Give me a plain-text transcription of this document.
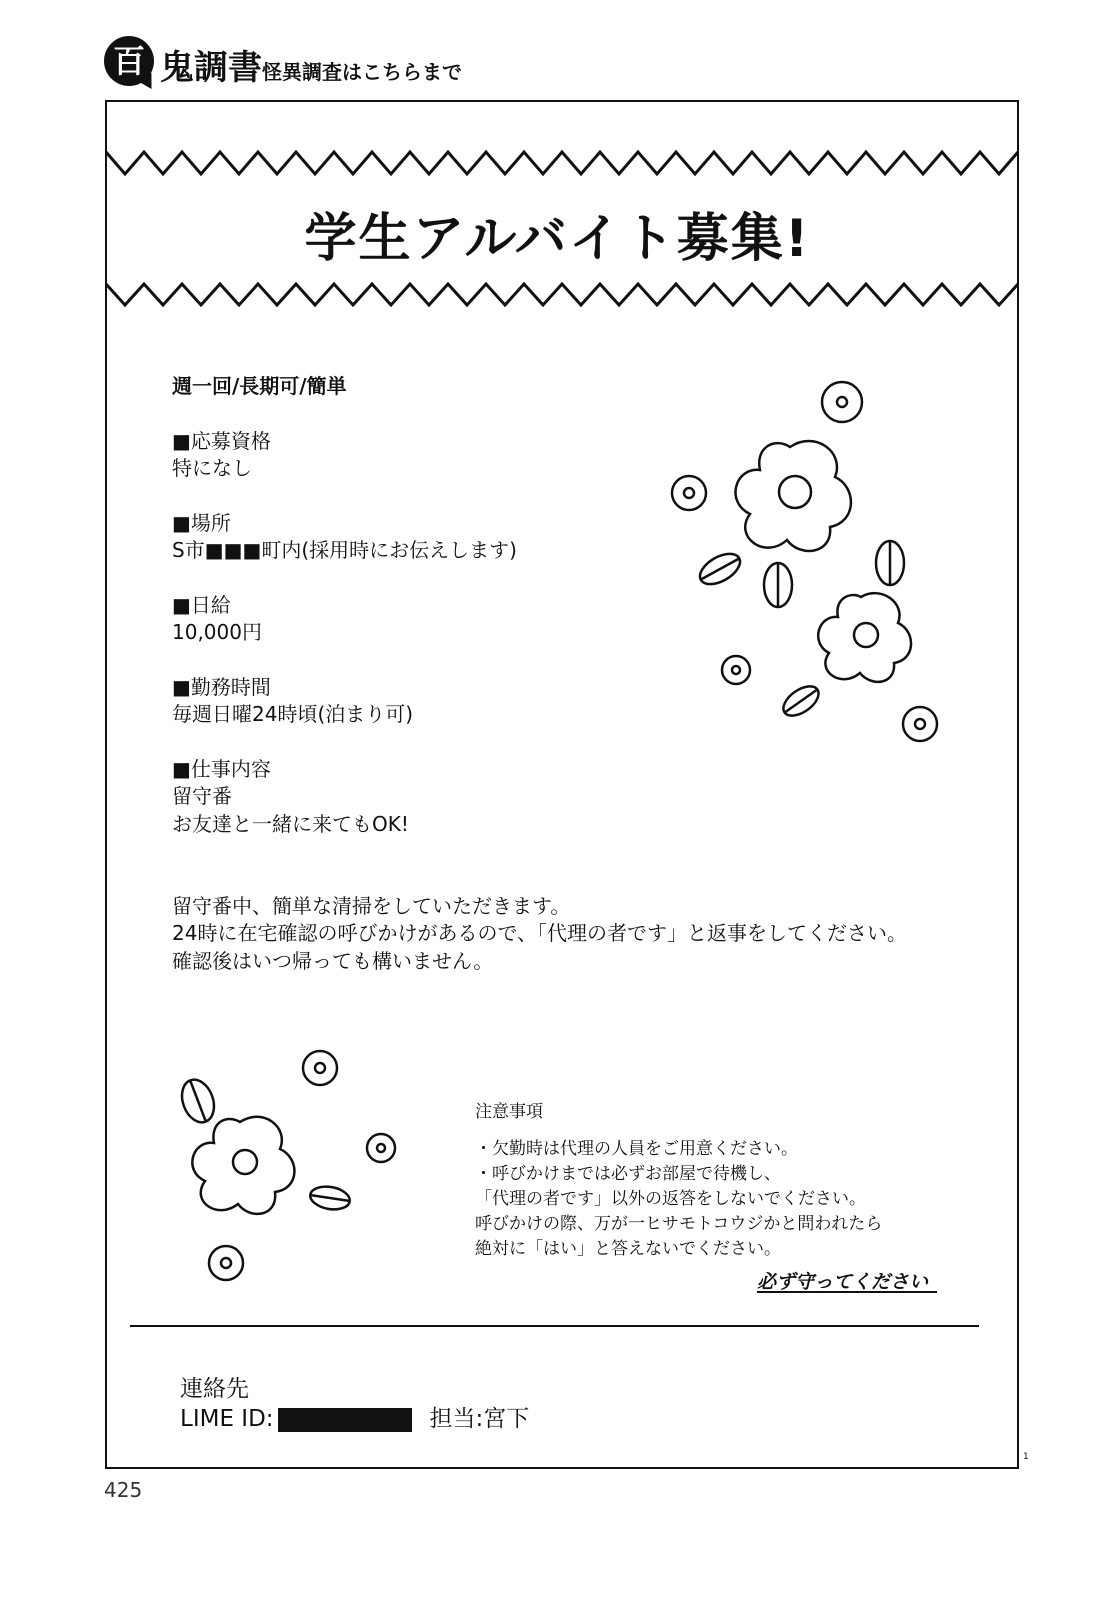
百 鬼調書 怪異調査はこちらまで
学生アルバイト募集!
週一回/長期可/簡単
■応募資格
特になし
■場所
S市■■■町内(採用時にお伝えします)
■日給
10,000円
■勤務時間
毎週日曜24時頃(泊まり可)
■仕事内容
留守番
お友達と一緒に来てもOK!
留守番中、簡単な清掃をしていただきます。
24時に在宅確認の呼びかけがあるので、「代理の者です」と返事をしてください。
確認後はいつ帰っても構いません。
注意事項
・欠勤時は代理の人員をご用意ください。
・呼びかけまでは必ずお部屋で待機し、
「代理の者です」以外の返答をしないでください。
呼びかけの際、万が一ヒサモトコウジかと問われたら
絶対に「はい」と答えないでください。
必ず守ってください
連絡先
LIME ID:	担当:宮下
425
1
